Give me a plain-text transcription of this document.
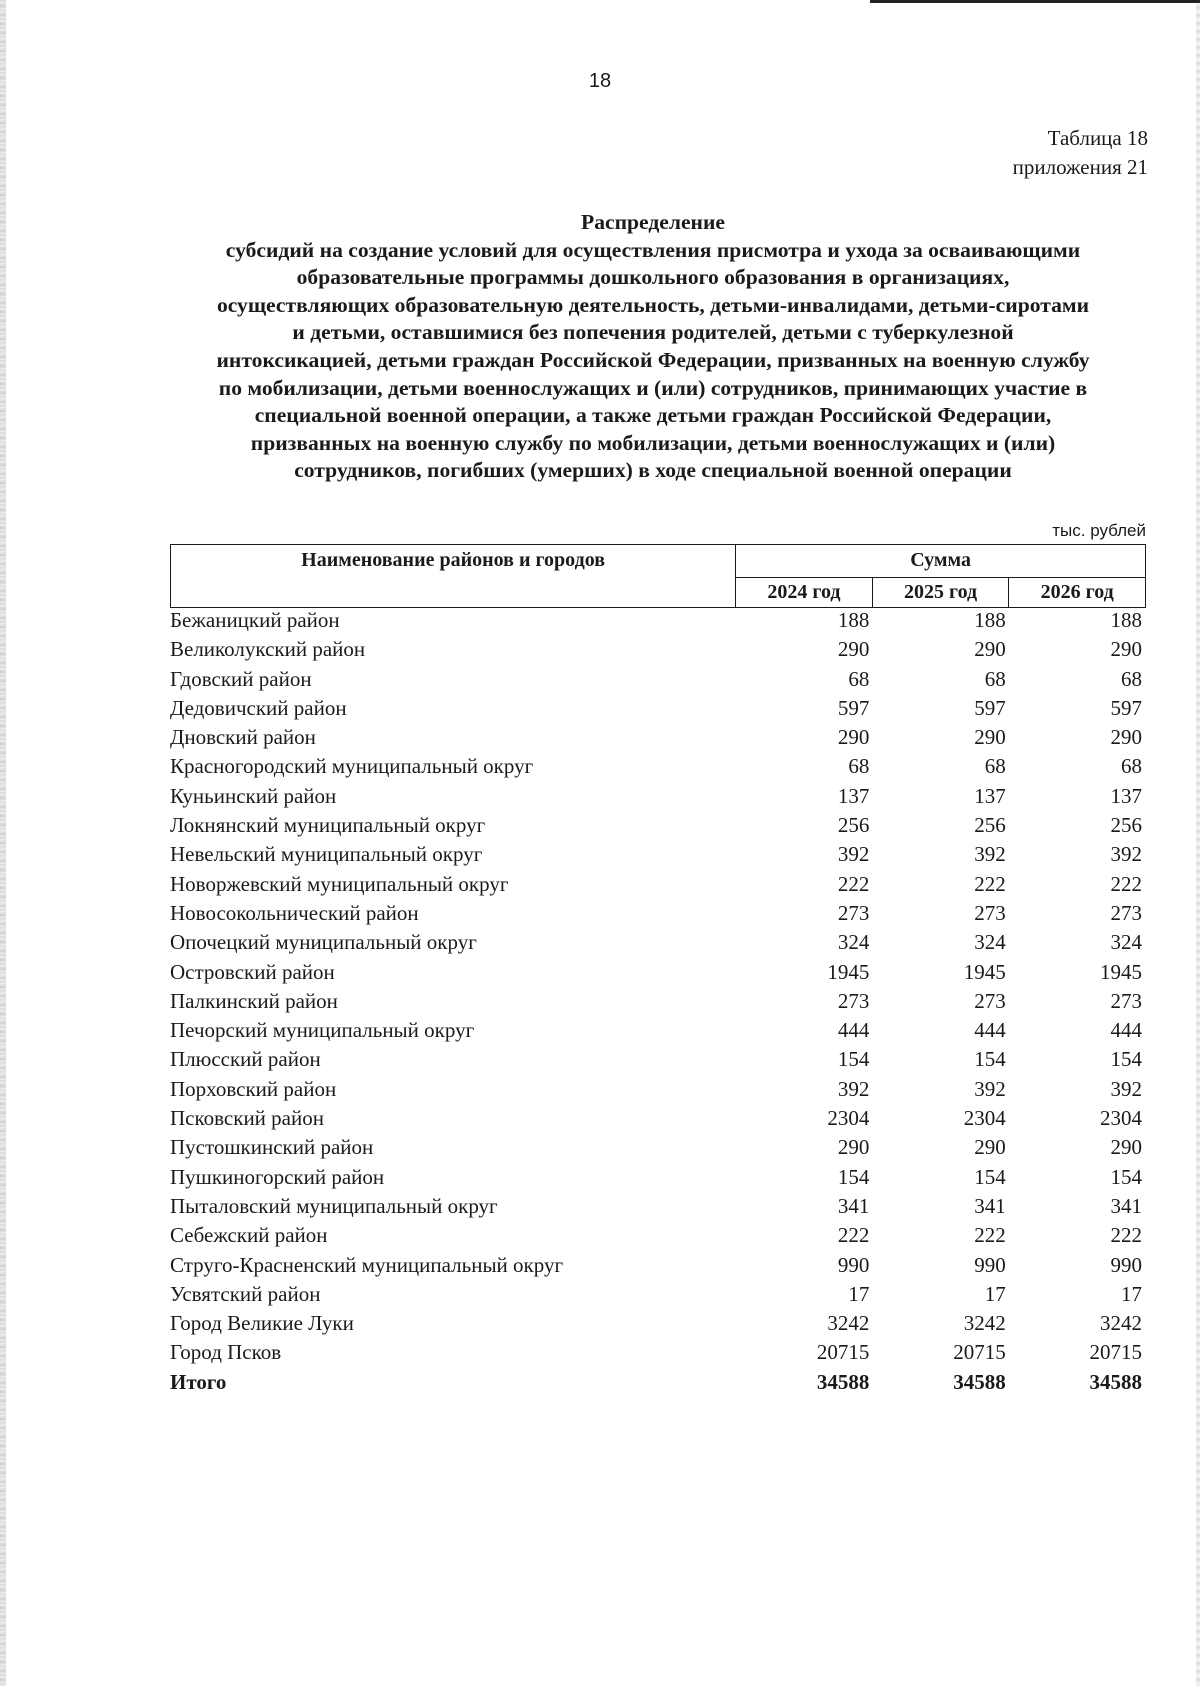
18
Таблица 18
приложения 21
Распределение
субсидий на создание условий для осуществления присмотра и ухода за осваивающими
образовательные программы дошкольного образования в организациях,
осуществляющих образовательную деятельность, детьми-инвалидами, детьми-сиротами
и детьми, оставшимися без попечения родителей, детьми с туберкулезной
интоксикацией, детьми граждан Российской Федерации, призванных на военную службу
по мобилизации, детьми военнослужащих и (или) сотрудников, принимающих участие в
специальной военной операции, а также детьми граждан Российской Федерации,
призванных на военную службу по мобилизации, детьми военнослужащих и (или)
сотрудников, погибших (умерших) в ходе специальной военной операции
тыс. рублей
Наименование районов и городов	Сумма		
	2024 год	2025 год	2026 год
Бежаницкий район	188	188	188
Великолукский район	290	290	290
Гдовский район	68	68	68
Дедовичский район	597	597	597
Дновский район	290	290	290
Красногородский муниципальный округ	68	68	68
Куньинский район	137	137	137
Локнянский муниципальный округ	256	256	256
Невельский муниципальный округ	392	392	392
Новоржевский муниципальный округ	222	222	222
Новосокольнический район	273	273	273
Опочецкий муниципальный округ	324	324	324
Островский район	1945	1945	1945
Палкинский район	273	273	273
Печорский муниципальный округ	444	444	444
Плюсский район	154	154	154
Порховский район	392	392	392
Псковский район	2304	2304	2304
Пустошкинский район	290	290	290
Пушкиногорский район	154	154	154
Пыталовский муниципальный округ	341	341	341
Себежский район	222	222	222
Струго-Красненский муниципальный округ	990	990	990
Усвятский район	17	17	17
Город Великие Луки	3242	3242	3242
Город Псков	20715	20715	20715
Итого	34588	34588	34588
